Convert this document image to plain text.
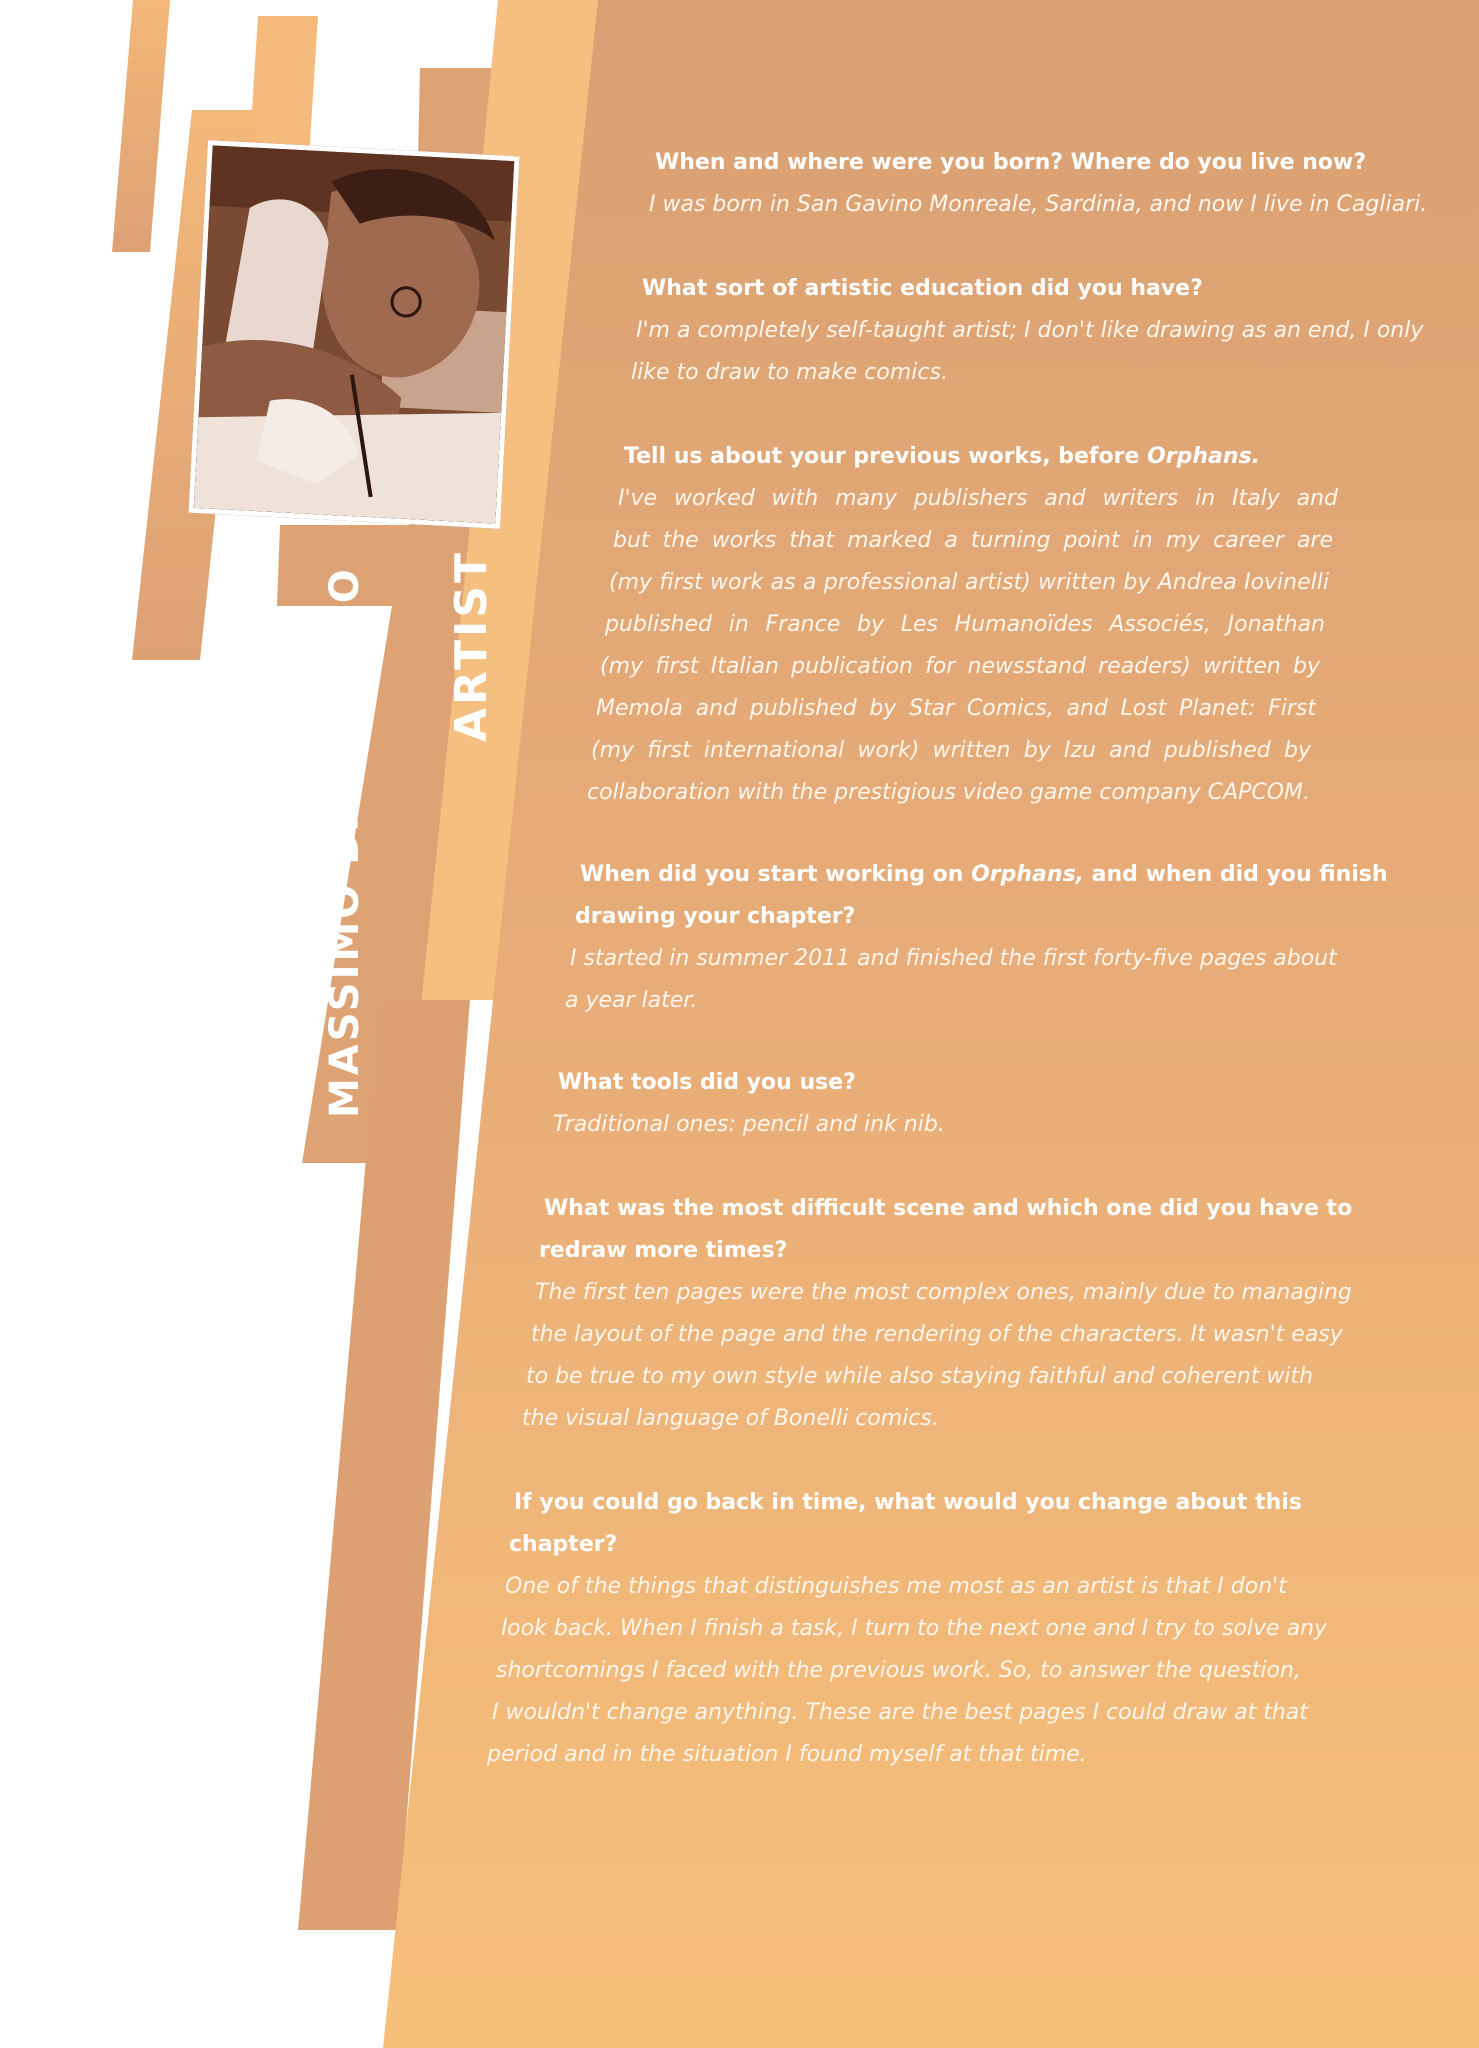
MASSIMO DALL'OGLIO ARTIST

When and where were you born? Where do you live now?

I was born in San Gavino Monreale, Sardinia, and now I live in Cagliari.

What sort of artistic education did you have?

I'm a completely self-taught artist; I don't like drawing as an end, I only

like to draw to make comics.

Tell us about your previous works, before Orphans.

I've worked with many publishers and writers in Italy and

but the works that marked a turning point in my career are

(my first work as a professional artist) written by Andrea Iovinelli

published in France by Les Humanoïdes Associés, Jonathan

(my first Italian publication for newsstand readers) written by

Memola and published by Star Comics, and Lost Planet: First

(my first international work) written by Izu and published by

collaboration with the prestigious video game company CAPCOM.

When did you start working on Orphans, and when did you finish

drawing your chapter?

I started in summer 2011 and finished the first forty-five pages about

a year later.

What tools did you use?

Traditional ones: pencil and ink nib.

What was the most difficult scene and which one did you have to

redraw more times?

The first ten pages were the most complex ones, mainly due to managing

the layout of the page and the rendering of the characters. It wasn't easy

to be true to my own style while also staying faithful and coherent with

the visual language of Bonelli comics.

If you could go back in time, what would you change about this

chapter?

One of the things that distinguishes me most as an artist is that I don't

look back. When I finish a task, I turn to the next one and I try to solve any

shortcomings I faced with the previous work. So, to answer the question,

I wouldn't change anything. These are the best pages I could draw at that

period and in the situation I found myself at that time.
